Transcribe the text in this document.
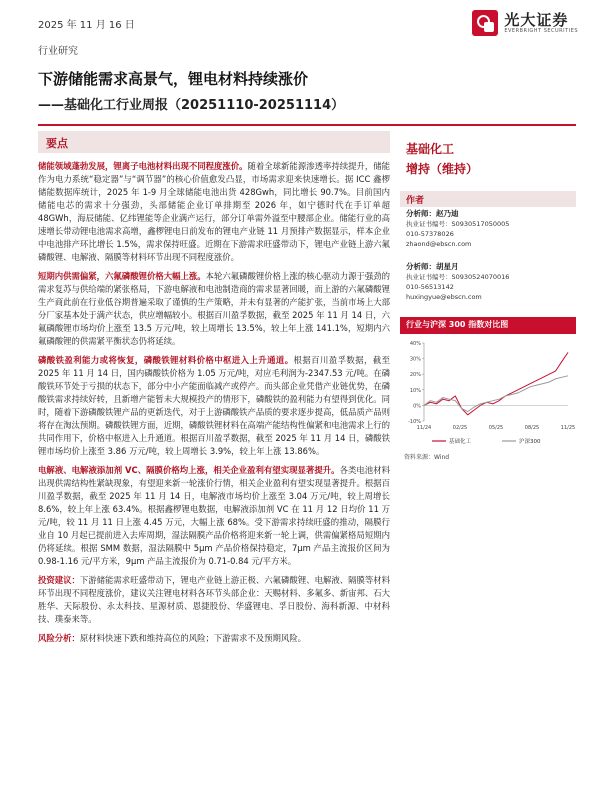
2025 年 11 月 16 日	光大证券
EVERBRIGHT SECURITIES
行业研究
下游储能需求高景气，锂电材料持续涨价
——基础化工行业周报（20251110-20251114）
要点

储能领域蓬勃发展，锂离子电池材料出现不同程度涨价。随着全球新能源渗透率持续提升，储能作为电力系统“稳定器”与“调节器”的核心价值愈发凸显，市场需求迎来快速增长。据 ICC 鑫椤储能数据库统计，2025 年 1-9 月全球储能电池出货 428Gwh，同比增长 90.7%。目前国内储能电芯的需求十分强劲，头部储能企业订单排期至 2026 年，如宁德时代在手订单超 48GWh，海辰储能、亿纬锂能等企业满产运行，部分订单需外溢至中腰部企业。储能行业的高速增长带动锂电池需求高增，鑫椤锂电日前发布的锂电产业链 11 月预排产数据显示，样本企业中电池排产环比增长 1.5%，需求保持旺盛。近期在下游需求旺盛带动下，锂电产业链上游六氟磷酸锂、电解液、隔膜等材料环节出现不同程度涨价。

短期内供需偏紧，六氟磷酸锂价格大幅上涨。本轮六氟磷酸锂价格上涨的核心驱动力源于强劲的需求复苏与供给端的紧张格局，下游电解液和电池制造商的需求显著回暖，而上游的六氟磷酸锂生产商此前在行业低谷期普遍采取了谨慎的生产策略，并未有显著的产能扩张，当前市场上大部分厂家基本处于满产状态，供应增幅较小。根据百川盈孚数据，截至 2025 年 11 月 14 日，六氟磷酸锂市场均价上涨至 13.5 万元/吨，较上周增长 13.5%，较上年上涨 141.1%，短期内六氟磷酸锂的供需紧平衡状态仍将延续。

磷酸铁盈利能力或将恢复，磷酸铁锂材料价格中枢进入上升通道。根据百川盈孚数据，截至2025 年 11 月 14 日，国内磷酸铁价格为 1.05 万元/吨，对应毛利润为-2347.53 元/吨。在磷酸铁环节处于亏损的状态下，部分中小产能面临减产或停产。而头部企业凭借产业链优势，在磷酸铁需求持续好转，且新增产能暂未大规模投产的情形下，磷酸铁的盈利能力有望得到优化。同时，随着下游磷酸铁锂产品的更新迭代，对于上游磷酸铁产品质的要求逐步提高，低品质产品则将存在淘汰预期。磷酸铁锂方面，近期，磷酸铁锂材料在高端产能结构性偏紧和电池需求上行的共同作用下，价格中枢进入上升通道。根据百川盈孚数据，截至 2025 年 11 月 14 日，磷酸铁锂市场均价上涨至 3.86 万元/吨，较上周增长 3.9%，较上年上涨 13.86%。

电解液、电解液添加剂 VC、隔膜价格均上涨，相关企业盈利有望实现显著提升。各类电池材料出现供需结构性紧缺现象，有望迎来新一轮涨价行情，相关企业盈利有望实现显著提升。根据百川盈孚数据，截至 2025 年 11 月 14 日，电解液市场均价上涨至 3.04 万元/吨，较上周增长 8.6%，较上年上涨 63.4%。根据鑫椤锂电数据，电解液添加剂 VC 在 11 月 12 日均价 11 万元/吨，较 11 月 11 日上涨 4.45 万元，大幅上涨 68%。受下游需求持续旺盛的推动，隔膜行业自 10 月起已提前进入去库周期，湿法隔膜产品价格将迎来新一轮上调，供需偏紧格局短期内仍将延续。根据 SMM 数据，湿法隔膜中 5μm 产品价格保持稳定，7μm 产品主流报价区间为 0.98-1.16 元/平方米，9μm 产品主流报价为 0.71-0.84 元/平方米。

投资建议：下游储能需求旺盛带动下，锂电产业链上游正极、六氟磷酸锂、电解液、隔膜等材料环节出现不同程度涨价，建议关注锂电材料各环节头部企业：天赐材料、多氟多、新宙邦、石大胜华、天际股份、永太科技、星源材质、恩捷股份、华盛锂电、孚日股份、海科新源、中材科技、璞泰来等。

风险分析：原材料快速下跌和维持高位的风险；下游需求不及预期风险。

基础化工
增持（维持）
作者
分析师：赵乃迪
执业证书编号：S0930517050005
010-57378026
zhaond@ebscn.com
分析师：胡星月
执业证书编号：S0930524070016
010-56513142
huxingyue@ebscn.com
行业与沪深 300 指数对比图
40%
30%
20%
10%
0%
-10%
11/24	02/25	05/25	08/25	11/25
基础化工	沪深300
资料来源：Wind
